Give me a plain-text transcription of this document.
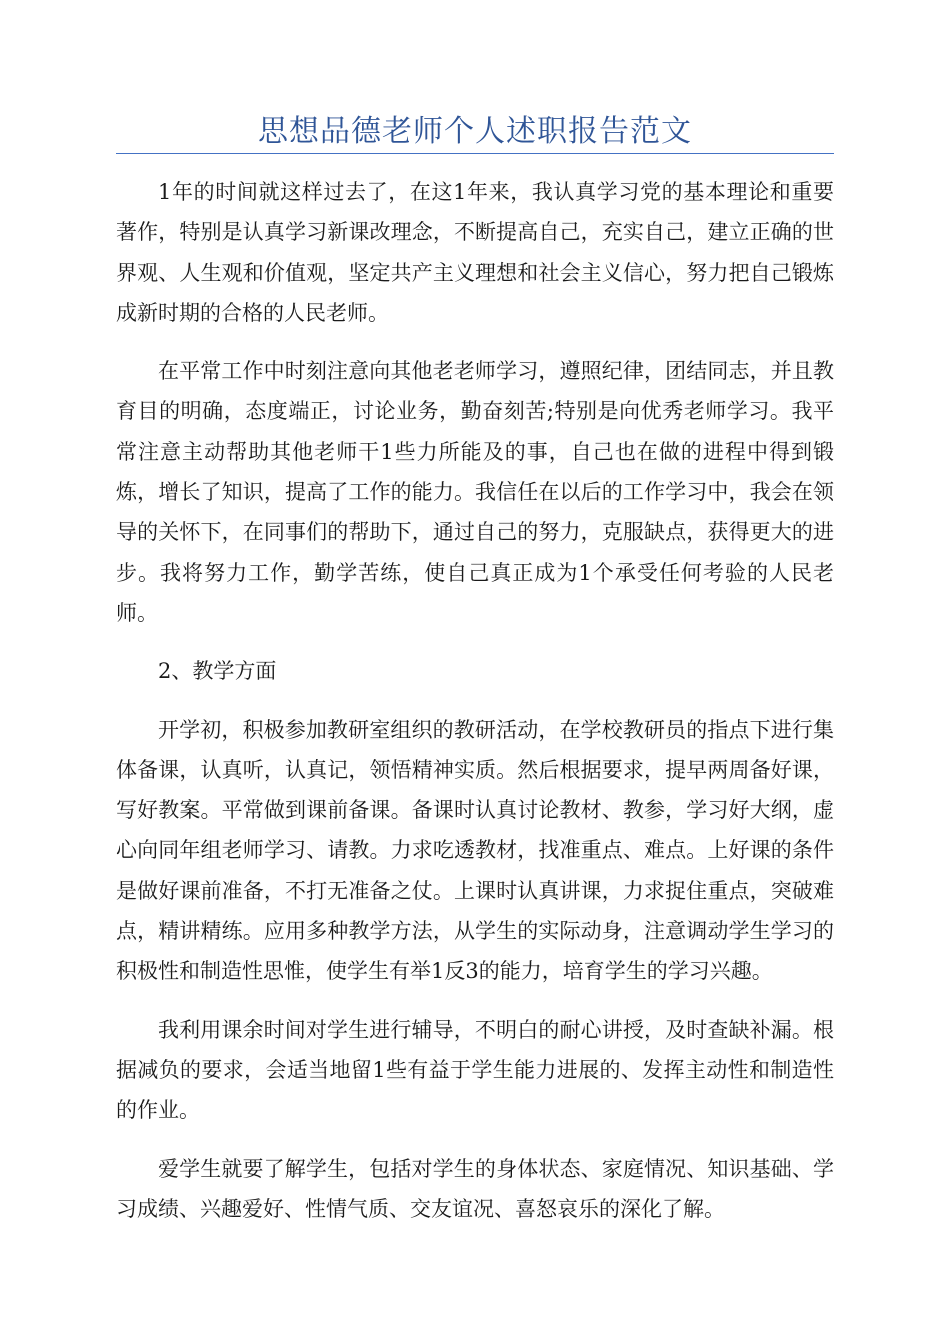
思想品德老师个人述职报告范文

1年的时间就这样过去了，在这1年来，我认真学习党的基本理论和重要著作，特别是认真学习新课改理念，不断提高自己，充实自己，建立正确的世界观、人生观和价值观，坚定共产主义理想和社会主义信心，努力把自己锻炼成新时期的合格的人民老师。

在平常工作中时刻注意向其他老老师学习，遵照纪律，团结同志，并且教育目的明确，态度端正，讨论业务，勤奋刻苦;特别是向优秀老师学习。我平常注意主动帮助其他老师干1些力所能及的事，自己也在做的进程中得到锻炼，增长了知识，提高了工作的能力。我信任在以后的工作学习中，我会在领导的关怀下，在同事们的帮助下，通过自己的努力，克服缺点，获得更大的进步。我将努力工作，勤学苦练，使自己真正成为1个承受任何考验的人民老师。

2、教学方面

开学初，积极参加教研室组织的教研活动，在学校教研员的指点下进行集体备课，认真听，认真记，领悟精神实质。然后根据要求，提早两周备好课，写好教案。平常做到课前备课。备课时认真讨论教材、教参，学习好大纲，虚心向同年组老师学习、请教。力求吃透教材，找准重点、难点。上好课的条件是做好课前准备，不打无准备之仗。上课时认真讲课，力求捉住重点，突破难点，精讲精练。应用多种教学方法，从学生的实际动身，注意调动学生学习的积极性和制造性思惟，使学生有举1反3的能力，培育学生的学习兴趣。

我利用课余时间对学生进行辅导，不明白的耐心讲授，及时查缺补漏。根据减负的要求，会适当地留1些有益于学生能力进展的、发挥主动性和制造性的作业。

爱学生就要了解学生，包括对学生的身体状态、家庭情况、知识基础、学习成绩、兴趣爱好、性情气质、交友谊况、喜怒哀乐的深化了解。
